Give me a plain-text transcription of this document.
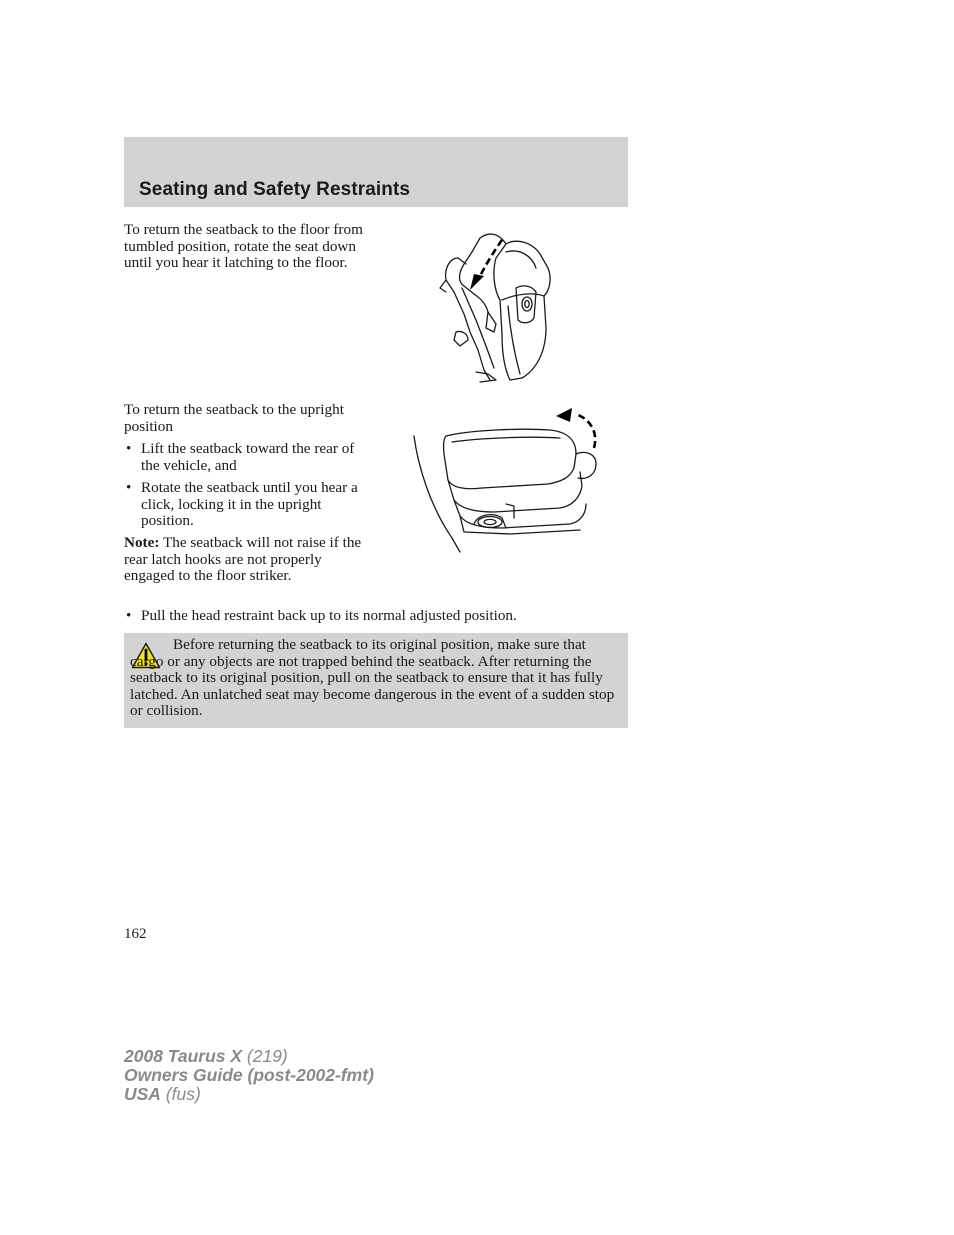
Seating and Safety Restraints

To return the seatback to the floor from tumbled position, rotate the seat down until you hear it latching to the floor.

To return the seatback to the upright position

• Lift the seatback toward the rear of the vehicle, and
• Rotate the seatback until you hear a click, locking it in the upright position.

Note: The seatback will not raise if the rear latch hooks are not properly engaged to the floor striker.

• Pull the head restraint back up to its normal adjusted position.

Before returning the seatback to its original position, make sure that cargo or any objects are not trapped behind the seatback. After returning the seatback to its original position, pull on the seatback to ensure that it has fully latched. An unlatched seat may become dangerous in the event of a sudden stop or collision.

162

2008 Taurus X (219)
Owners Guide (post-2002-fmt)
USA (fus)
